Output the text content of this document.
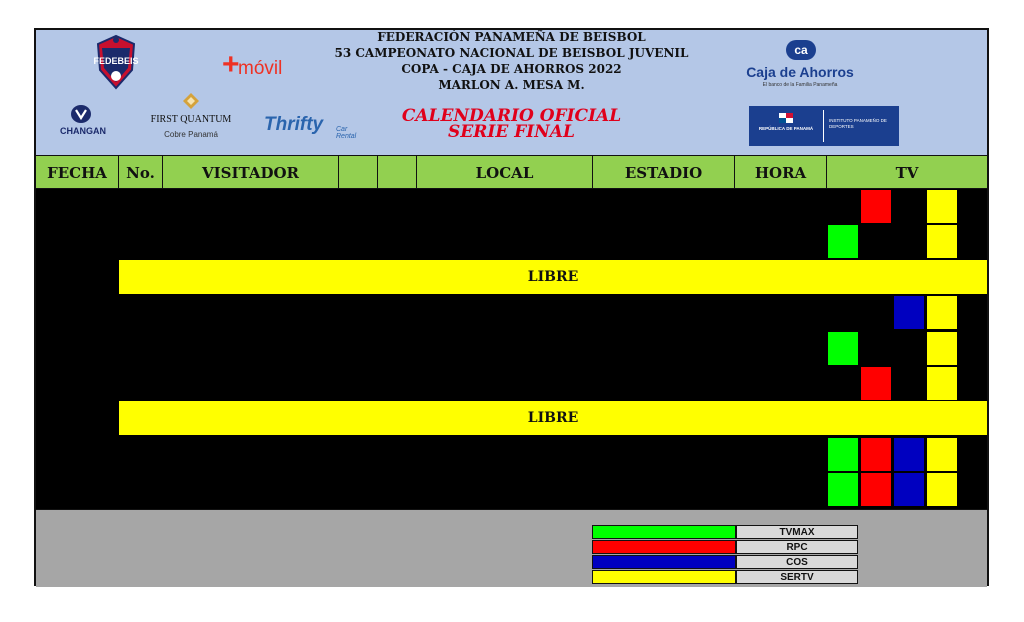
FEDEBEIS	+
móvil
CHANGAN
FIRST QUANTUM
Cobre Panamá	Thrifty Car Rental
FEDERACIÓN PANAMEÑA DE BEISBOL
53 CAMPEONATO NACIONAL DE BEISBOL JUVENIL
COPA - CAJA DE AHORROS 2022
MARLON A. MESA M.
CALENDARIO OFICIAL
SERIE FINAL
ca
Caja de Ahorros
El banco de la Familia Panameña
REPÚBLICA DE PANAMÁ
INSTITUTO PANAMEÑO DE DEPORTES
FECHA	No.	VISITADOR	LOCAL	ESTADIO	HORA	TV
LIBRE
LIBRE
TVMAX
RPC
COS
SERTV
